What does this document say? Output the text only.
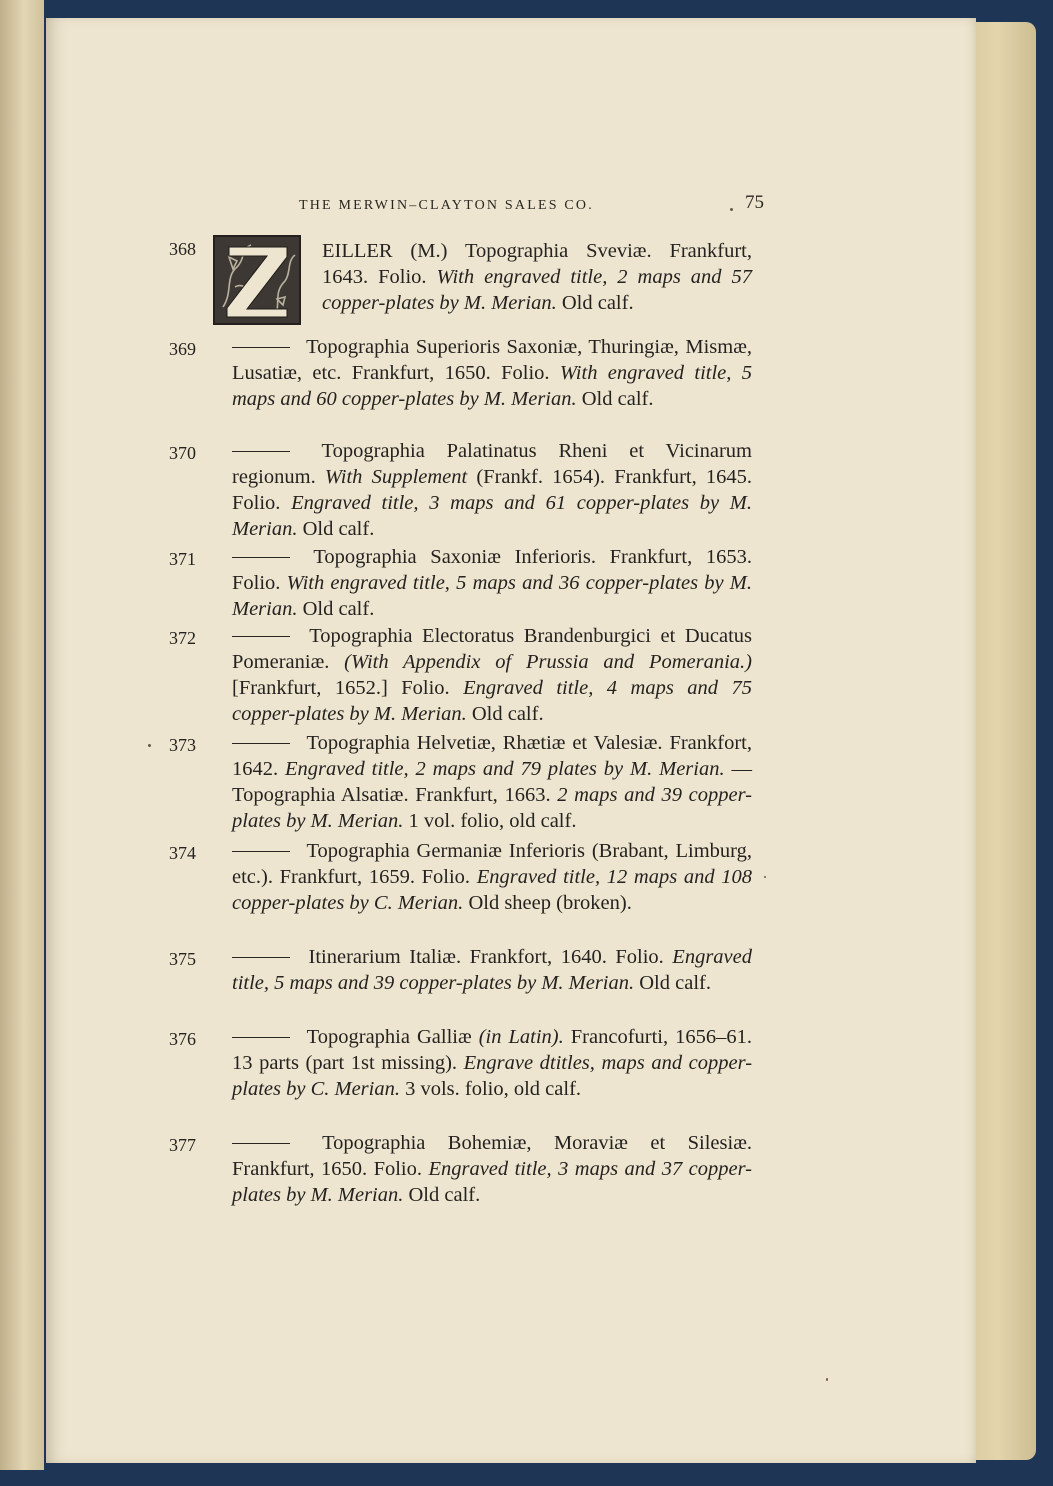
THE MERWIN–CLAYTON SALES CO.	75
368	EILLER (M.) Topographia Sveviæ. Frankfurt, 1643. Folio. With engraved title, 2 maps and 57 copper-plates by M. Merian. Old calf.
369	Topographia Superioris Saxoniæ, Thuringiæ, Mismæ, Lusatiæ, etc. Frankfurt, 1650. Folio. With engraved title, 5 maps and 60 copper-plates by M. Merian. Old calf.
370	Topographia Palatinatus Rheni et Vicinarum regionum. With Supplement (Frankf. 1654). Frankfurt, 1645. Folio. Engraved title, 3 maps and 61 copper-plates by M. Merian. Old calf.
371	Topographia Saxoniæ Inferioris. Frankfurt, 1653. Folio. With engraved title, 5 maps and 36 copper-plates by M. Merian. Old calf.
372	Topographia Electoratus Brandenburgici et Ducatus Pomeraniæ. (With Appendix of Prussia and Pomerania.) [Frankfurt, 1652.] Folio. Engraved title, 4 maps and 75 copper-plates by M. Merian. Old calf.
373	Topographia Helvetiæ, Rhætiæ et Valesiæ. Frankfort, 1642. Engraved title, 2 maps and 79 plates by M. Merian. —Topographia Alsatiæ. Frankfurt, 1663. 2 maps and 39 copper-plates by M. Merian. 1 vol. folio, old calf.
374	Topographia Germaniæ Inferioris (Brabant, Limburg, etc.). Frankfurt, 1659. Folio. Engraved title, 12 maps and 108 copper-plates by C. Merian. Old sheep (broken).
375	Itinerarium Italiæ. Frankfort, 1640. Folio. Engraved title, 5 maps and 39 copper-plates by M. Merian. Old calf.
376	Topographia Galliæ (in Latin). Francofurti, 1656–61. 13 parts (part 1st missing). Engrave dtitles, maps and copper-plates by C. Merian. 3 vols. folio, old calf.
377	Topographia Bohemiæ, Moraviæ et Silesiæ. Frankfurt, 1650. Folio. Engraved title, 3 maps and 37 copper-plates by M. Merian. Old calf.
